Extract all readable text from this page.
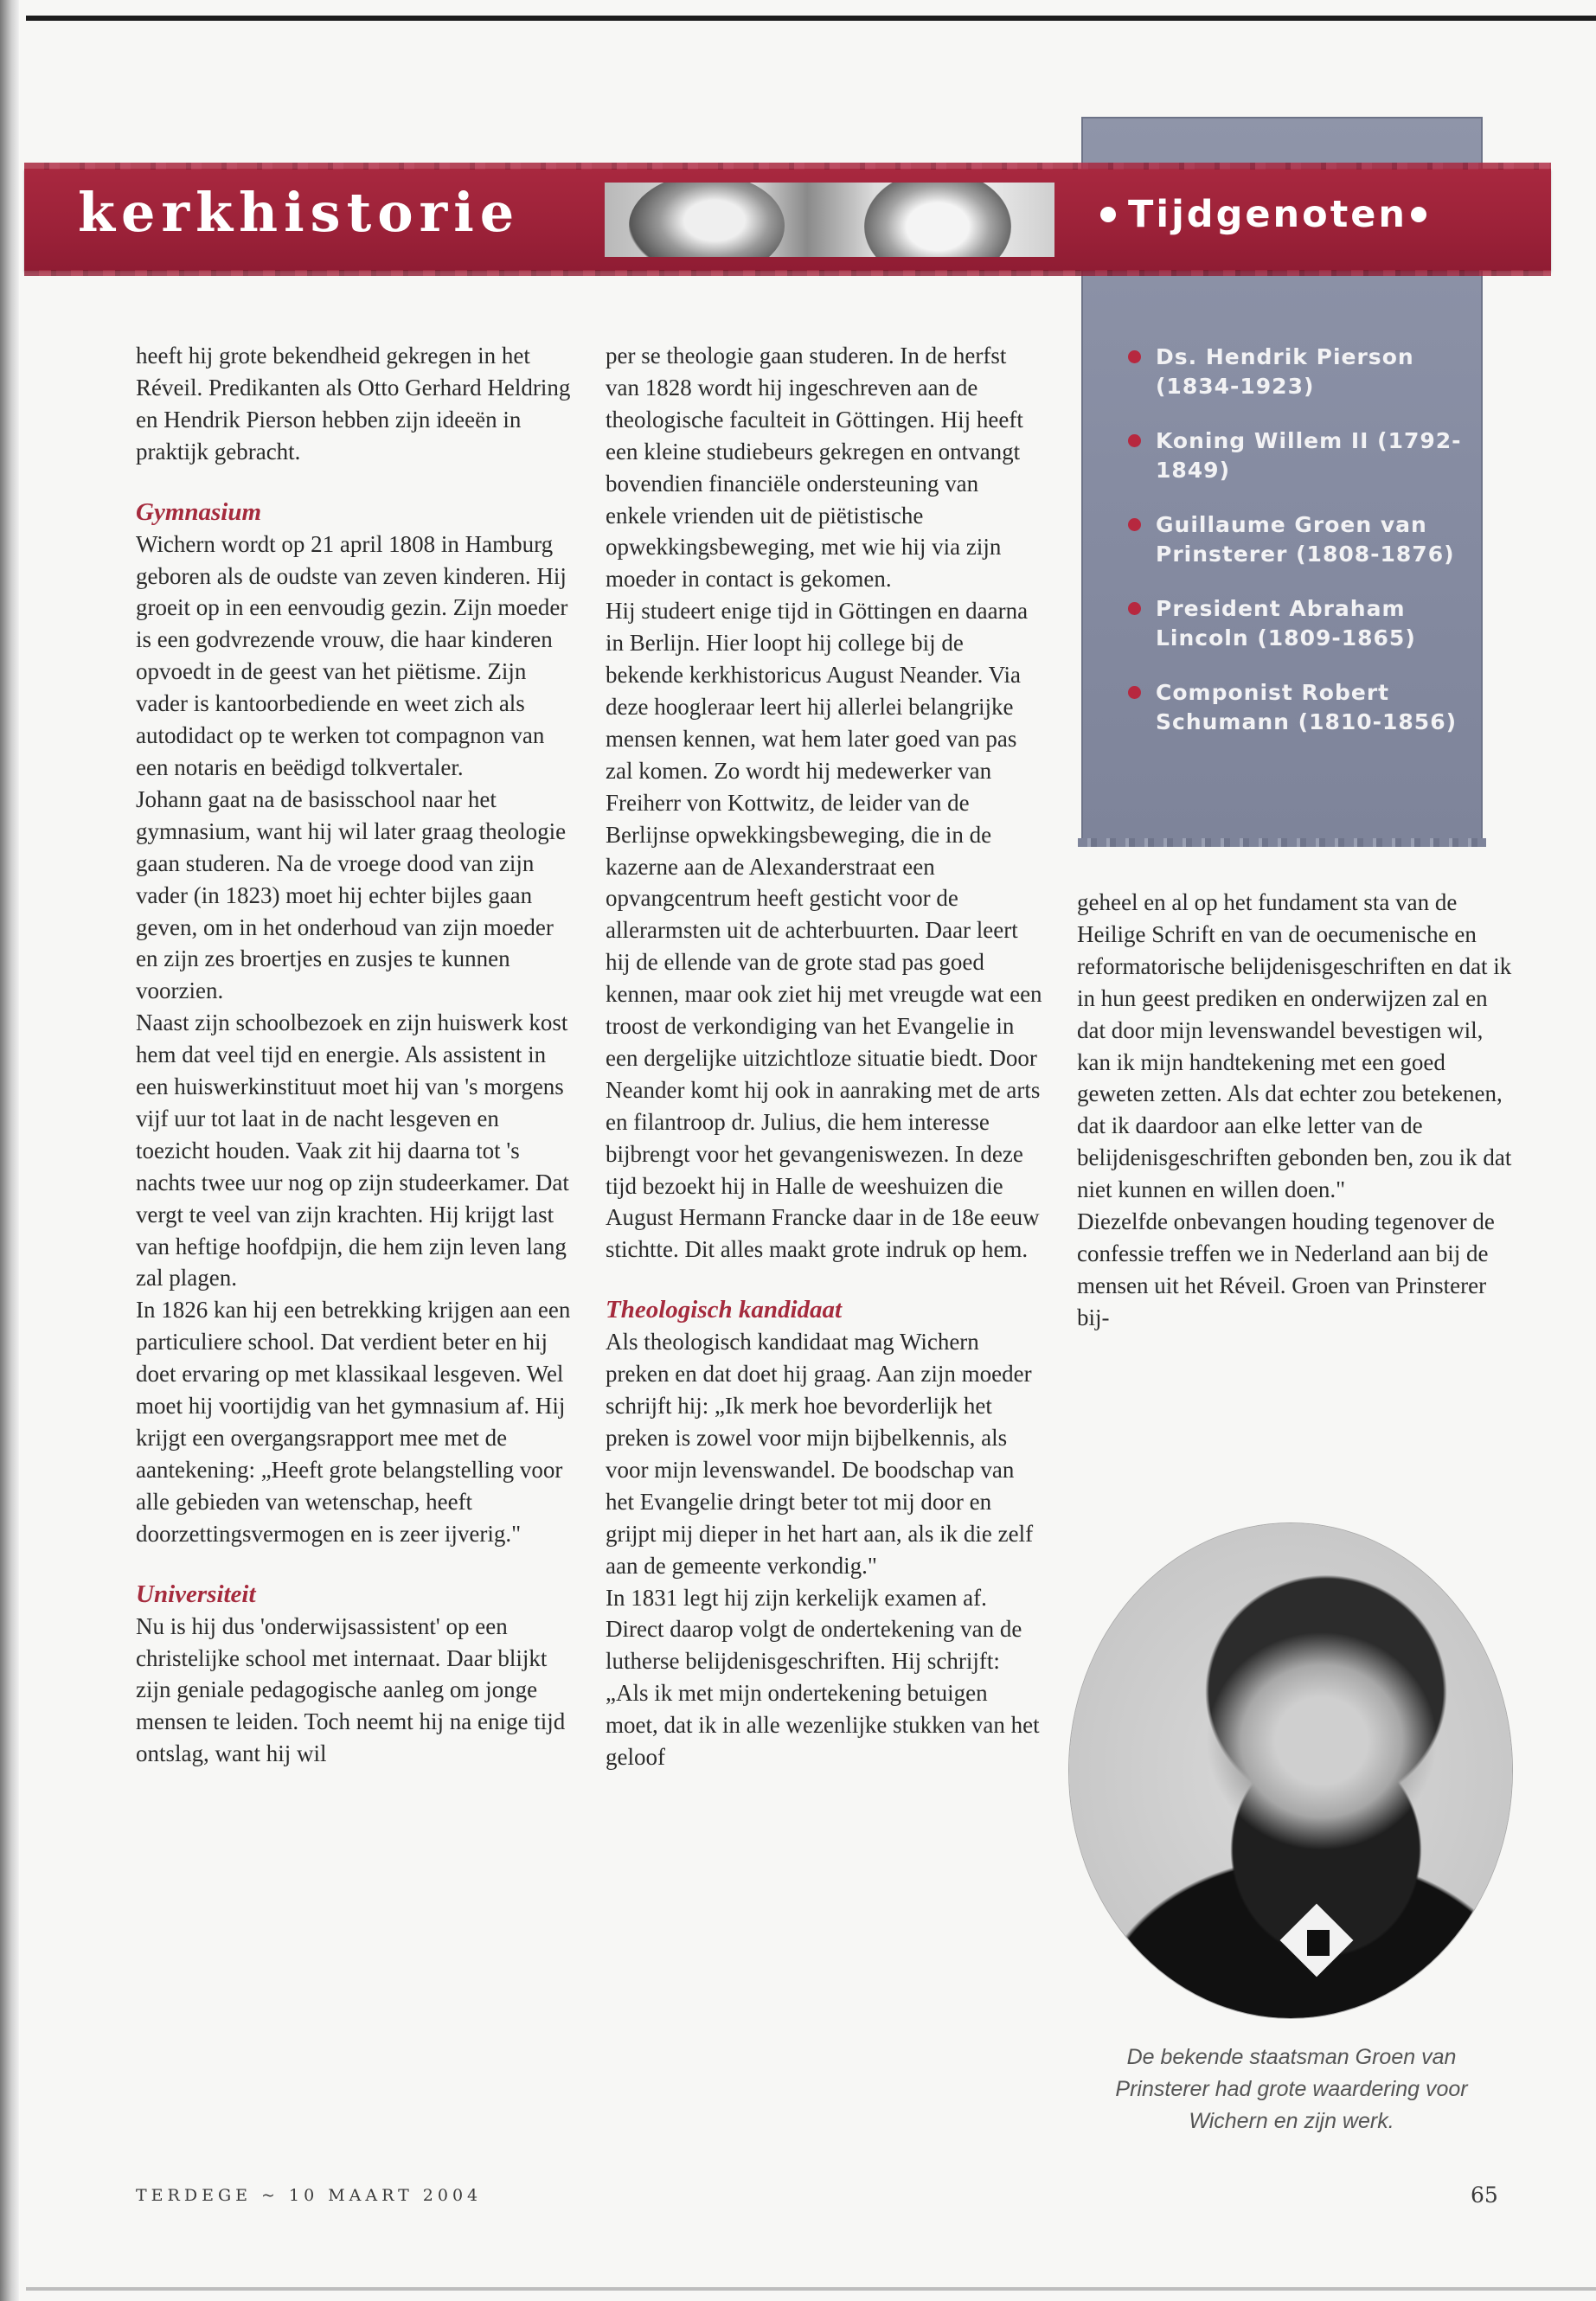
kerkhistorie	Tijdgenoten
Ds. Hendrik Pierson (1834-1923)
Koning Willem II (1792-1849)
Guillaume Groen van Prinsterer (1808-1876)
President Abraham Lincoln (1809-1865)
Componist Robert Schumann (1810-1856)

heeft hij grote bekendheid gekregen in het Réveil. Predikanten als Otto Gerhard Heldring en Hendrik Pierson hebben zijn ideeën in praktijk gebracht.

Gymnasium

Wichern wordt op 21 april 1808 in Hamburg geboren als de oudste van zeven kinderen. Hij groeit op in een eenvoudig gezin. Zijn moeder is een godvrezende vrouw, die haar kinderen opvoedt in de geest van het piëtisme. Zijn vader is kantoorbediende en weet zich als autodidact op te werken tot compagnon van een notaris en beëdigd tolkvertaler.

Johann gaat na de basisschool naar het gymnasium, want hij wil later graag theologie gaan studeren. Na de vroege dood van zijn vader (in 1823) moet hij echter bijles gaan geven, om in het onderhoud van zijn moeder en zijn zes broertjes en zusjes te kunnen voorzien.

Naast zijn schoolbezoek en zijn huiswerk kost hem dat veel tijd en energie. Als assistent in een huiswerkinstituut moet hij van 's morgens vijf uur tot laat in de nacht lesgeven en toezicht houden. Vaak zit hij daarna tot 's nachts twee uur nog op zijn studeerkamer. Dat vergt te veel van zijn krachten. Hij krijgt last van heftige hoofdpijn, die hem zijn leven lang zal plagen.

In 1826 kan hij een betrekking krijgen aan een particuliere school. Dat verdient beter en hij doet ervaring op met klassikaal lesgeven. Wel moet hij voortijdig van het gymnasium af. Hij krijgt een overgangsrapport mee met de aantekening: „Heeft grote belangstelling voor alle gebieden van wetenschap, heeft doorzettingsvermogen en is zeer ijverig."

Universiteit

Nu is hij dus 'onderwijsassistent' op een christelijke school met internaat. Daar blijkt zijn geniale pedagogische aanleg om jonge mensen te leiden. Toch neemt hij na enige tijd ontslag, want hij wil

per se theologie gaan studeren. In de herfst van 1828 wordt hij ingeschreven aan de theologische faculteit in Göttingen. Hij heeft een kleine studiebeurs gekregen en ontvangt bovendien financiële ondersteuning van enkele vrienden uit de piëtistische opwekkingsbeweging, met wie hij via zijn moeder in contact is gekomen.

Hij studeert enige tijd in Göttingen en daarna in Berlijn. Hier loopt hij college bij de bekende kerkhistoricus August Neander. Via deze hoogleraar leert hij allerlei belangrijke mensen kennen, wat hem later goed van pas zal komen. Zo wordt hij medewerker van Freiherr von Kottwitz, de leider van de Berlijnse opwekkingsbeweging, die in de kazerne aan de Alexanderstraat een opvangcentrum heeft gesticht voor de allerarmsten uit de achterbuurten. Daar leert hij de ellende van de grote stad pas goed kennen, maar ook ziet hij met vreugde wat een troost de verkondiging van het Evangelie in een dergelijke uitzichtloze situatie biedt. Door Neander komt hij ook in aanraking met de arts en filantroop dr. Julius, die hem interesse bijbrengt voor het gevangeniswezen. In deze tijd bezoekt hij in Halle de weeshuizen die August Hermann Francke daar in de 18e eeuw stichtte. Dit alles maakt grote indruk op hem.

Theologisch kandidaat

Als theologisch kandidaat mag Wichern preken en dat doet hij graag. Aan zijn moeder schrijft hij: „Ik merk hoe bevorderlijk het preken is zowel voor mijn bijbelkennis, als voor mijn levenswandel. De boodschap van het Evangelie dringt beter tot mij door en grijpt mij dieper in het hart aan, als ik die zelf aan de gemeente verkondig."

In 1831 legt hij zijn kerkelijk examen af. Direct daarop volgt de ondertekening van de lutherse belijdenisgeschriften. Hij schrijft: „Als ik met mijn ondertekening betuigen moet, dat ik in alle wezenlijke stukken van het geloof

geheel en al op het fundament sta van de Heilige Schrift en van de oecumenische en reformatorische belijdenisgeschriften en dat ik in hun geest prediken en onderwijzen zal en dat door mijn levenswandel bevestigen wil, kan ik mijn handtekening met een goed geweten zetten. Als dat echter zou betekenen, dat ik daardoor aan elke letter van de belijdenisgeschriften gebonden ben, zou ik dat niet kunnen en willen doen."

Diezelfde onbevangen houding tegenover de confessie treffen we in Nederland aan bij de mensen uit het Réveil. Groen van Prinsterer bij-

De bekende staatsman Groen van Prinsterer had grote waardering voor Wichern en zijn werk.

TERDEGE ~ 10 MAART 2004	65
